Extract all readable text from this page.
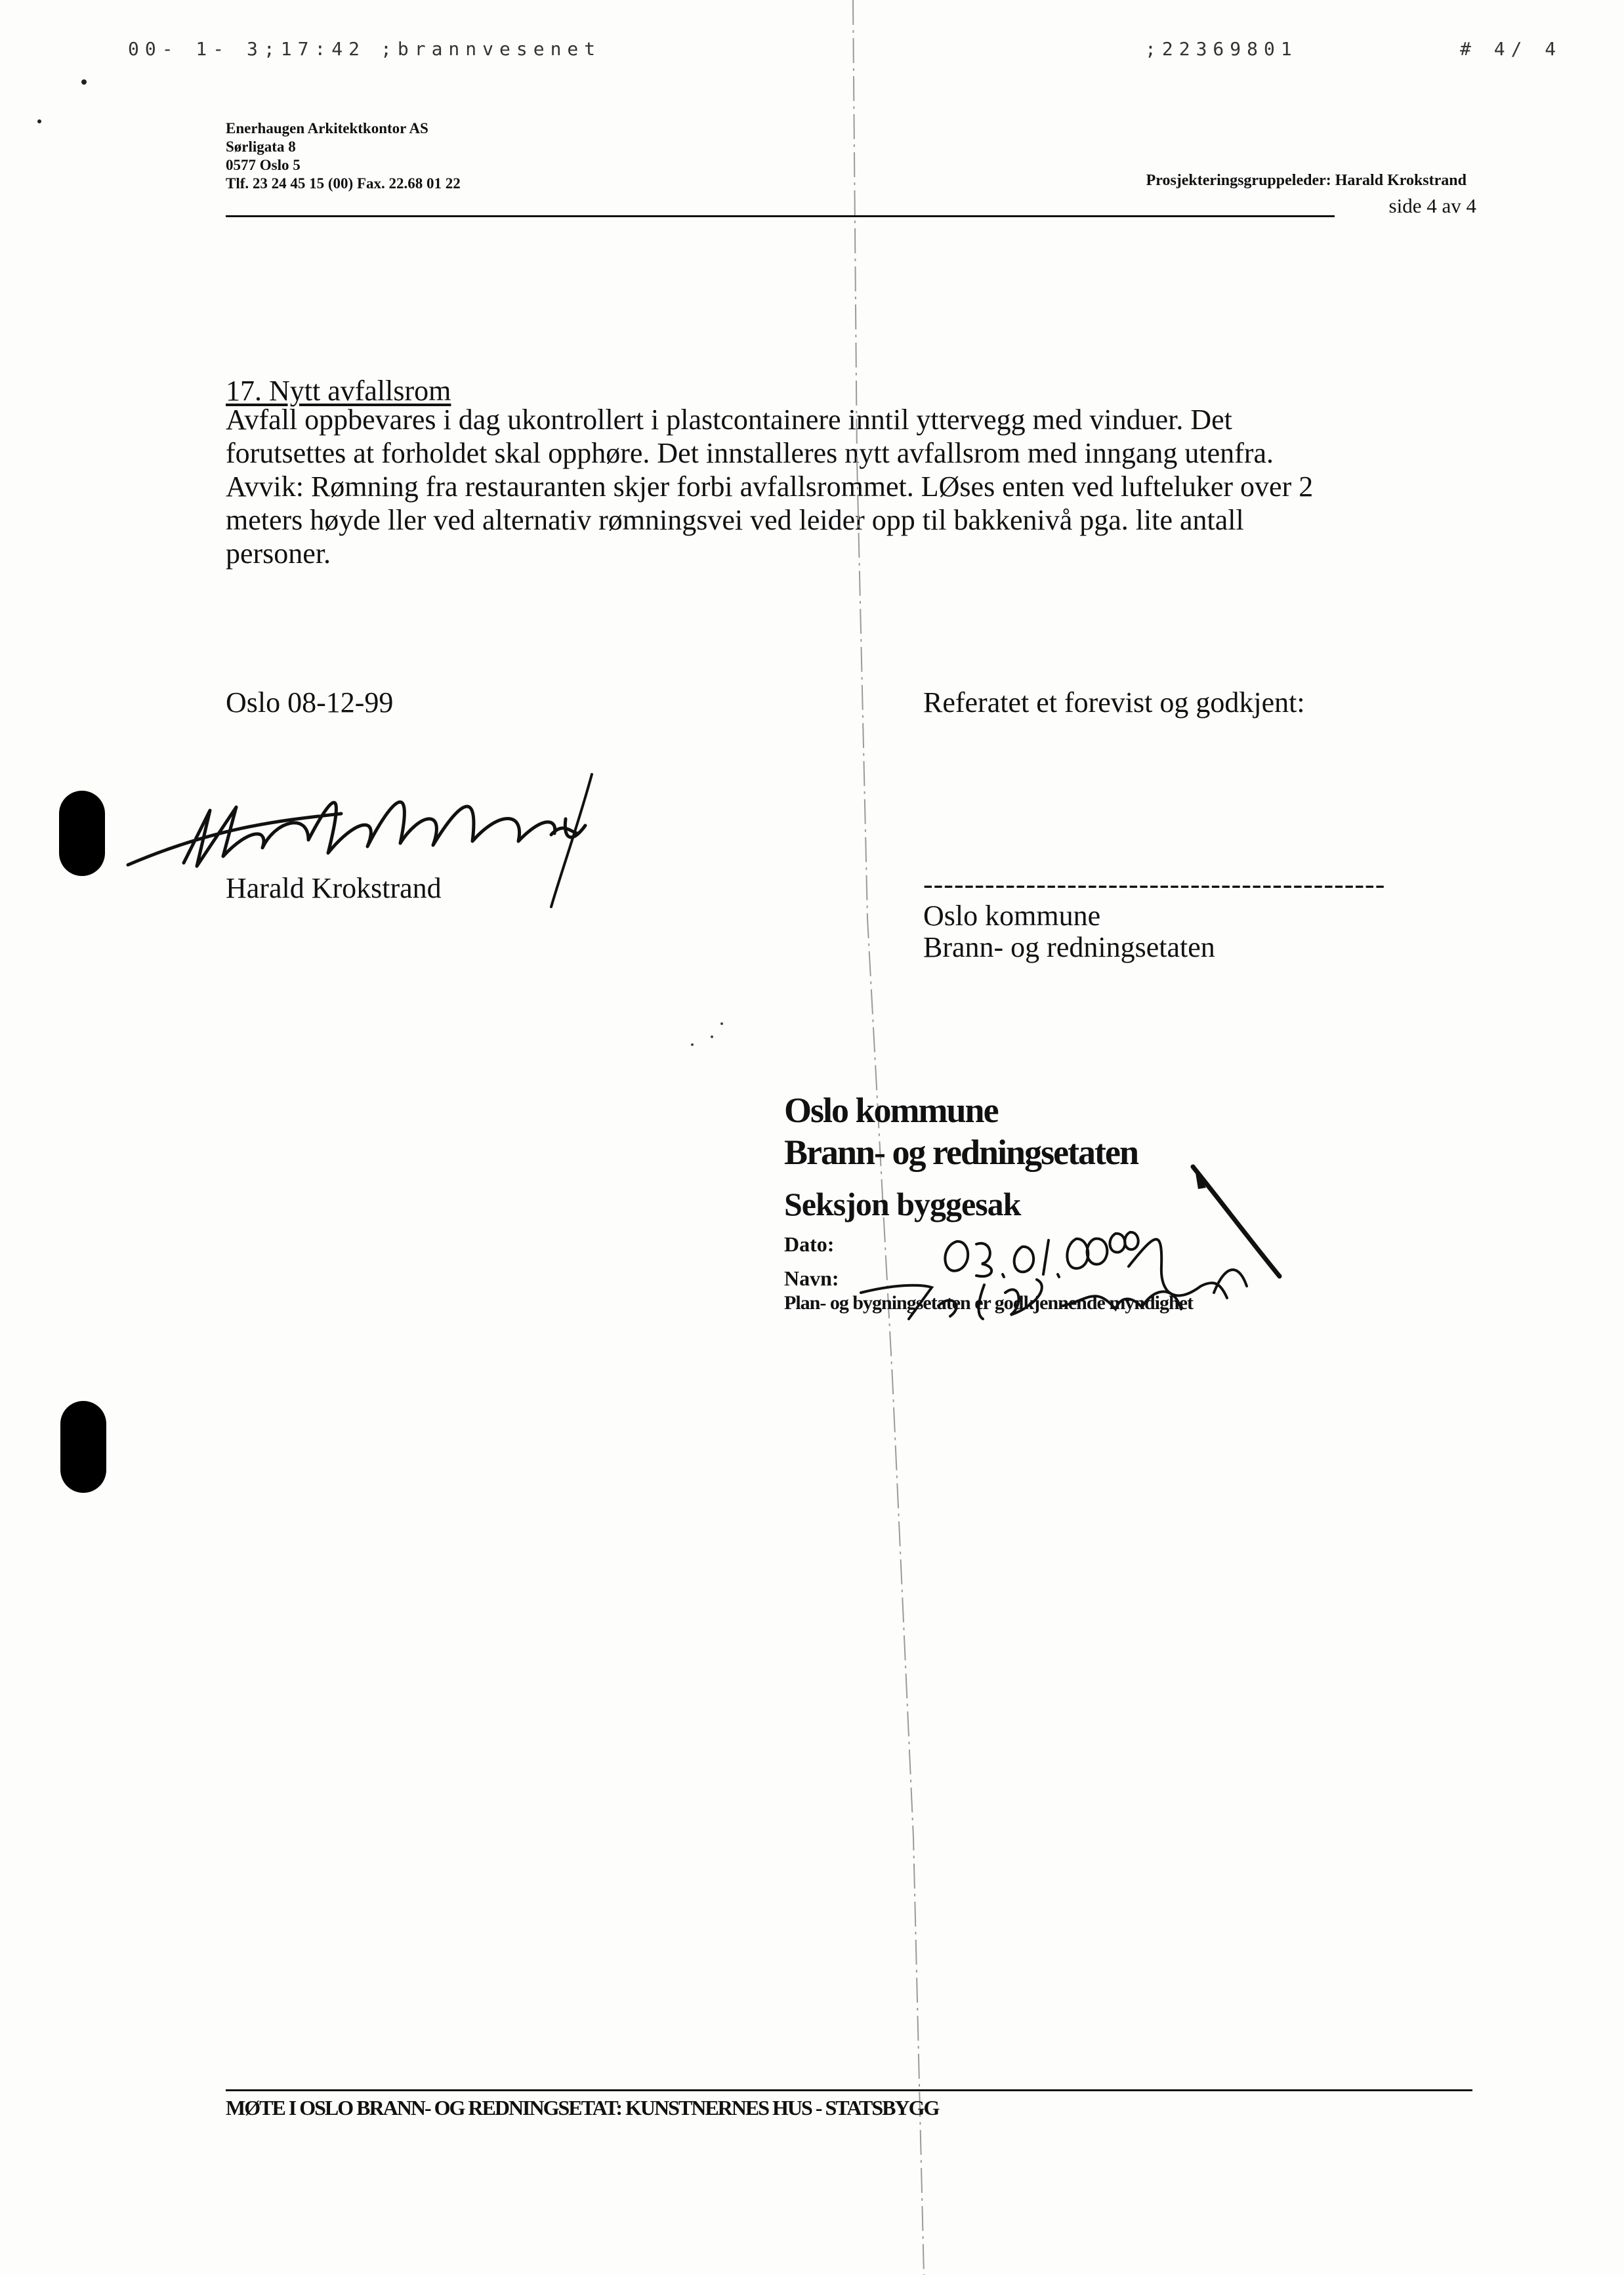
00- 1- 3;17:42 ;brannvesenet	;22369801	# 4/ 4
Enerhaugen Arkitektkontor AS
Sørligata 8
0577 Oslo 5
Tlf. 23 24 45 15 (00) Fax. 22.68 01 22	Prosjekteringsgruppeleder: Harald Krokstrand
side 4 av 4
17. Nytt avfallsrom
Avfall oppbevares i dag ukontrollert i plastcontainere inntil yttervegg med vinduer. Det
forutsettes at forholdet skal opphøre. Det innstalleres nytt avfallsrom med inngang utenfra.
Avvik: Rømning fra restauranten skjer forbi avfallsrommet. LØses enten ved lufteluker over 2
meters høyde ller ved alternativ rømningsvei ved leider opp til bakkenivå pga. lite antall
personer.
Oslo 08-12-99	Referatet et forevist og godkjent:
Harald Krokstrand	---------------------------------------------
Oslo kommune
Brann- og redningsetaten
Oslo kommune
Brann- og redningsetaten
Seksjon byggesak
Dato:
Navn:
Plan- og bygningsetaten er godkjennende myndighet
MØTE I OSLO BRANN- OG REDNINGSETAT: KUNSTNERNES HUS - STATSBYGG
